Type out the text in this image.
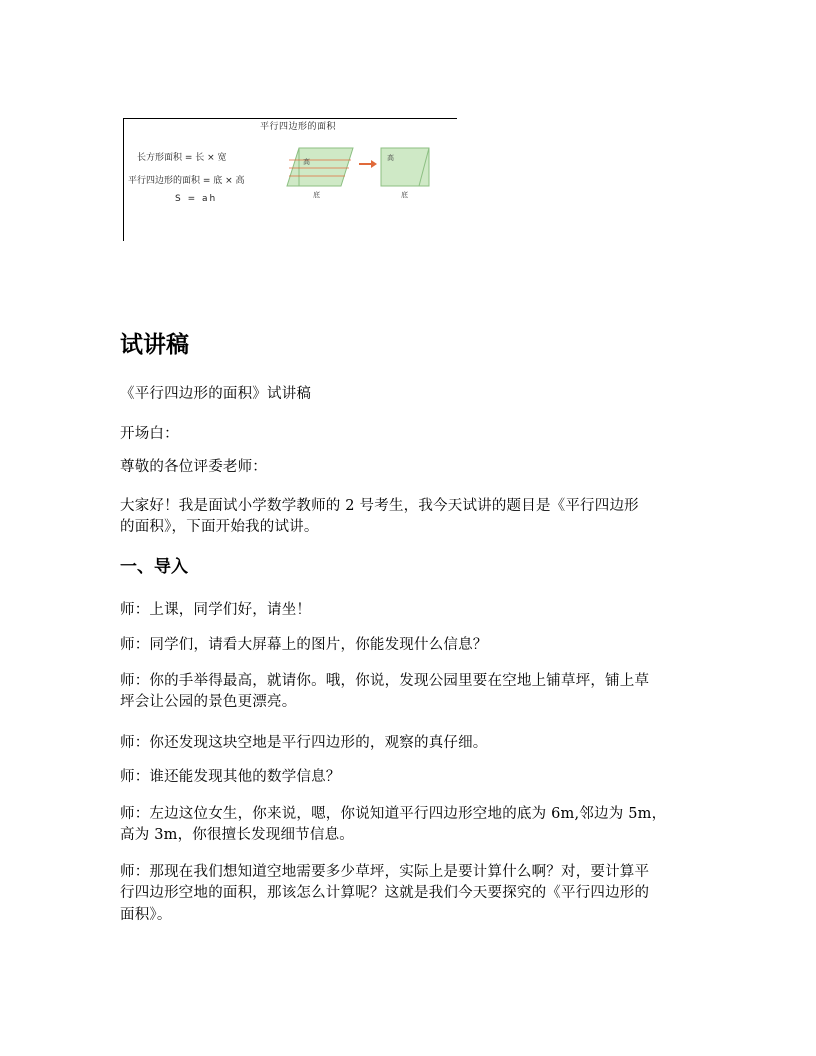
平行四边形的面积
长方形面积 = 长 × 宽
平行四边形的面积 = 底 × 高
S = ah
高
底
高
底
试讲稿

《平行四边形的面积》试讲稿

开场白：

尊敬的各位评委老师：

大家好！我是面试小学数学教师的 2 号考生，我今天试讲的题目是《平行四边形

的面积》，下面开始我的试讲。

一、导入

师：上课，同学们好，请坐！

师：同学们，请看大屏幕上的图片，你能发现什么信息？

师：你的手举得最高，就请你。哦，你说，发现公园里要在空地上铺草坪，铺上草

坪会让公园的景色更漂亮。

师：你还发现这块空地是平行四边形的，观察的真仔细。

师：谁还能发现其他的数学信息？

师：左边这位女生，你来说，嗯，你说知道平行四边形空地的底为 6m,邻边为 5m，

高为 3m，你很擅长发现细节信息。

师：那现在我们想知道空地需要多少草坪，实际上是要计算什么啊？对，要计算平

行四边形空地的面积，那该怎么计算呢？这就是我们今天要探究的《平行四边形的

面积》。
